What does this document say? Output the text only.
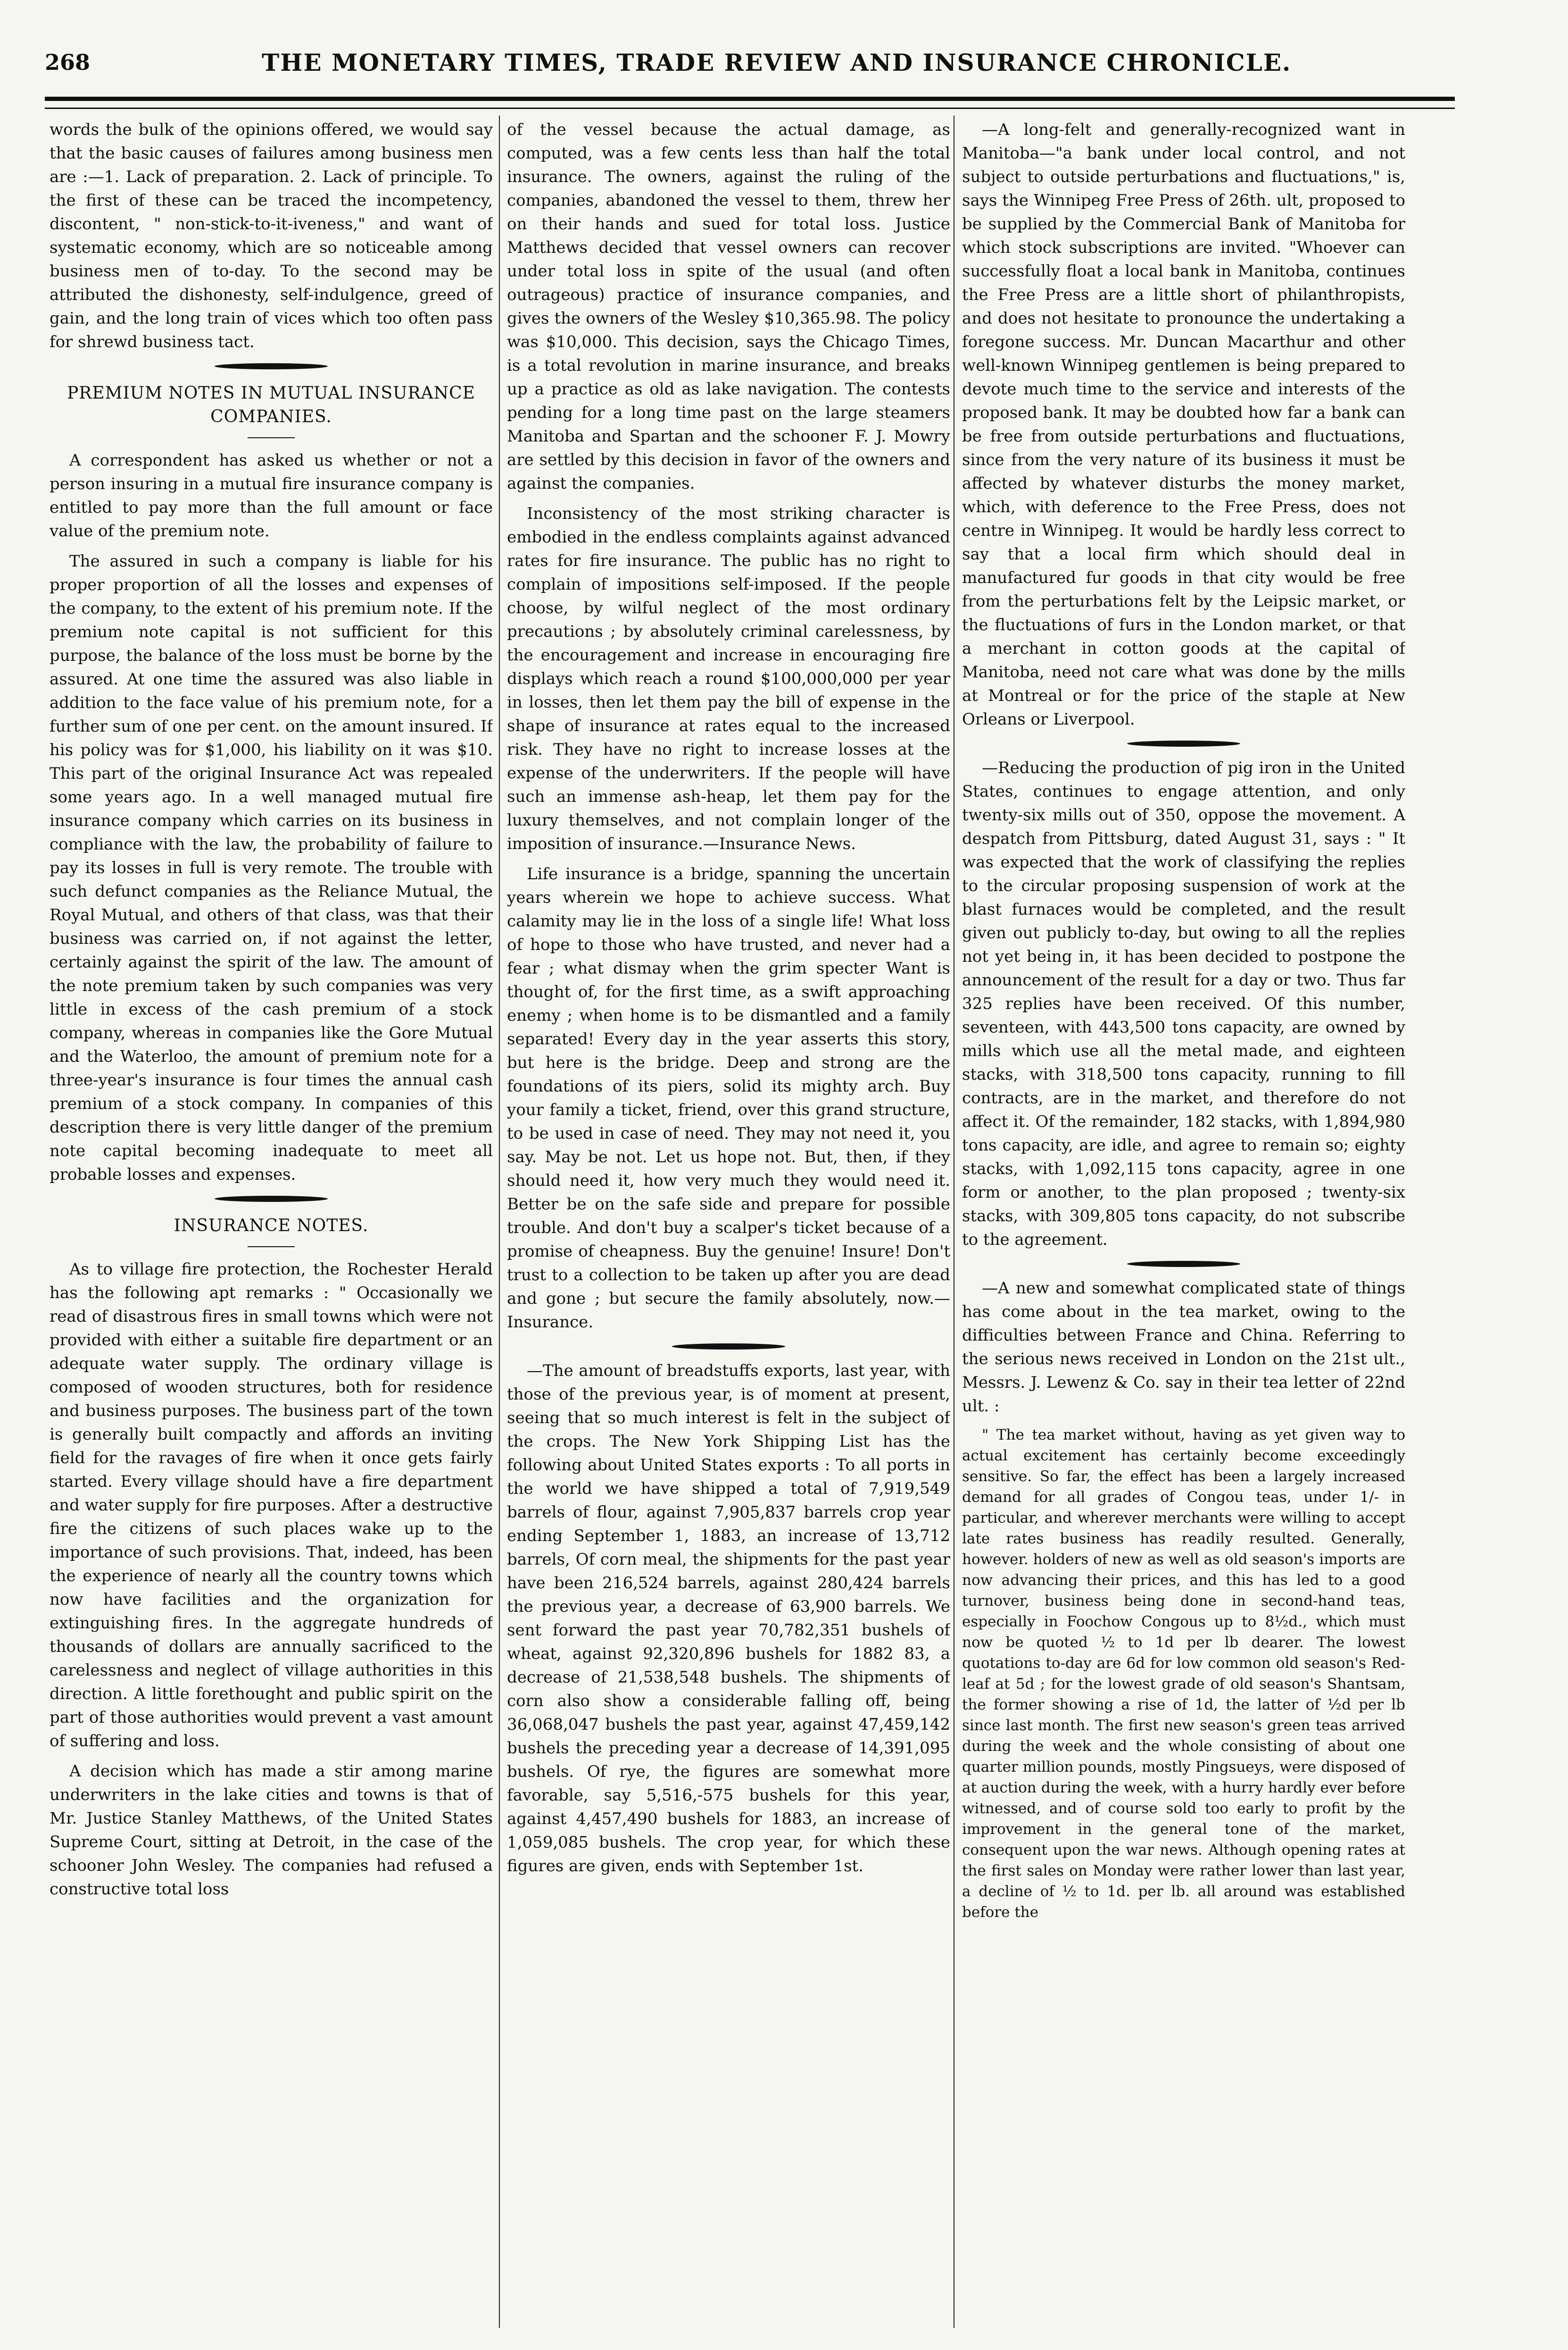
268	THE MONETARY TIMES, TRADE REVIEW AND INSURANCE CHRONICLE.

words the bulk of the opinions offered, we would say that the basic causes of failures among business men are :—1. Lack of preparation. 2. Lack of principle. To the first of these can be traced the incompetency, discontent, " non-stick-to-it-iveness," and want of systematic economy, which are so noticeable among business men of to-day. To the second may be attributed the dishonesty, self-indulgence, greed of gain, and the long train of vices which too often pass for shrewd business tact.

PREMIUM NOTES IN MUTUAL INSURANCE COMPANIES.

A correspondent has asked us whether or not a person insuring in a mutual fire insurance company is entitled to pay more than the full amount or face value of the premium note.

The assured in such a company is liable for his proper proportion of all the losses and expenses of the company, to the extent of his premium note. If the premium note capital is not sufficient for this purpose, the balance of the loss must be borne by the assured. At one time the assured was also liable in addition to the face value of his premium note, for a further sum of one per cent. on the amount insured. If his policy was for $1,000, his liability on it was $10. This part of the original Insurance Act was repealed some years ago. In a well managed mutual fire insurance company which carries on its business in compliance with the law, the probability of failure to pay its losses in full is very remote. The trouble with such defunct companies as the Reliance Mutual, the Royal Mutual, and others of that class, was that their business was carried on, if not against the letter, certainly against the spirit of the law. The amount of the note premium taken by such companies was very little in excess of the cash premium of a stock company, whereas in companies like the Gore Mutual and the Waterloo, the amount of premium note for a three-year's insurance is four times the annual cash premium of a stock company. In companies of this description there is very little danger of the premium note capital becoming inadequate to meet all probable losses and expenses.

INSURANCE NOTES.

As to village fire protection, the Rochester Herald has the following apt remarks : " Occasionally we read of disastrous fires in small towns which were not provided with either a suitable fire department or an adequate water supply. The ordinary village is composed of wooden structures, both for residence and business purposes. The business part of the town is generally built compactly and affords an inviting field for the ravages of fire when it once gets fairly started. Every village should have a fire department and water supply for fire purposes. After a destructive fire the citizens of such places wake up to the importance of such provisions. That, indeed, has been the experience of nearly all the country towns which now have facilities and the organization for extinguishing fires. In the aggregate hundreds of thousands of dollars are annually sacrificed to the carelessness and neglect of village authorities in this direction. A little forethought and public spirit on the part of those authorities would prevent a vast amount of suffering and loss.

A decision which has made a stir among marine underwriters in the lake cities and towns is that of Mr. Justice Stanley Matthews, of the United States Supreme Court, sitting at Detroit, in the case of the schooner John Wesley. The companies had refused a constructive total loss

of the vessel because the actual damage, as computed, was a few cents less than half the total insurance. The owners, against the ruling of the companies, abandoned the vessel to them, threw her on their hands and sued for total loss. Justice Matthews decided that vessel owners can recover under total loss in spite of the usual (and often outrageous) practice of insurance companies, and gives the owners of the Wesley $10,365.98. The policy was $10,000. This decision, says the Chicago Times, is a total revolution in marine insurance, and breaks up a practice as old as lake navigation. The contests pending for a long time past on the large steamers Manitoba and Spartan and the schooner F. J. Mowry are settled by this decision in favor of the owners and against the companies.

Inconsistency of the most striking character is embodied in the endless complaints against advanced rates for fire insurance. The public has no right to complain of impositions self-imposed. If the people choose, by wilful neglect of the most ordinary precautions ; by absolutely criminal carelessness, by the encouragement and increase in encouraging fire displays which reach a round $100,000,000 per year in losses, then let them pay the bill of expense in the shape of insurance at rates equal to the increased risk. They have no right to increase losses at the expense of the underwriters. If the people will have such an immense ash-heap, let them pay for the luxury themselves, and not complain longer of the imposition of insurance.—Insurance News.

Life insurance is a bridge, spanning the uncertain years wherein we hope to achieve success. What calamity may lie in the loss of a single life! What loss of hope to those who have trusted, and never had a fear ; what dismay when the grim specter Want is thought of, for the first time, as a swift approaching enemy ; when home is to be dismantled and a family separated! Every day in the year asserts this story, but here is the bridge. Deep and strong are the foundations of its piers, solid its mighty arch. Buy your family a ticket, friend, over this grand structure, to be used in case of need. They may not need it, you say. May be not. Let us hope not. But, then, if they should need it, how very much they would need it. Better be on the safe side and prepare for possible trouble. And don't buy a scalper's ticket because of a promise of cheapness. Buy the genuine! Insure! Don't trust to a collection to be taken up after you are dead and gone ; but secure the family absolutely, now.—Insurance.

—The amount of breadstuffs exports, last year, with those of the previous year, is of moment at present, seeing that so much interest is felt in the subject of the crops. The New York Shipping List has the following about United States exports : To all ports in the world we have shipped a total of 7,919,549 barrels of flour, against 7,905,837 barrels crop year ending September 1, 1883, an increase of 13,712 barrels, Of corn meal, the shipments for the past year have been 216,524 barrels, against 280,424 barrels the previous year, a decrease of 63,900 barrels. We sent forward the past year 70,782,351 bushels of wheat, against 92,320,896 bushels for 1882 83, a decrease of 21,538,548 bushels. The shipments of corn also show a considerable falling off, being 36,068,047 bushels the past year, against 47,459,142 bushels the preceding year a decrease of 14,391,095 bushels. Of rye, the figures are somewhat more favorable, say 5,516,-575 bushels for this year, against 4,457,490 bushels for 1883, an increase of 1,059,085 bushels. The crop year, for which these figures are given, ends with September 1st.

—A long-felt and generally-recognized want in Manitoba—"a bank under local control, and not subject to outside perturbations and fluctuations," is, says the Winnipeg Free Press of 26th. ult, proposed to be supplied by the Commercial Bank of Manitoba for which stock subscriptions are invited. "Whoever can successfully float a local bank in Manitoba, continues the Free Press are a little short of philanthropists, and does not hesitate to pronounce the undertaking a foregone success. Mr. Duncan Macarthur and other well-known Winnipeg gentlemen is being prepared to devote much time to the service and interests of the proposed bank. It may be doubted how far a bank can be free from outside perturbations and fluctuations, since from the very nature of its business it must be affected by whatever disturbs the money market, which, with deference to the Free Press, does not centre in Winnipeg. It would be hardly less correct to say that a local firm which should deal in manufactured fur goods in that city would be free from the perturbations felt by the Leipsic market, or the fluctuations of furs in the London market, or that a merchant in cotton goods at the capital of Manitoba, need not care what was done by the mills at Montreal or for the price of the staple at New Orleans or Liverpool.

—Reducing the production of pig iron in the United States, continues to engage attention, and only twenty-six mills out of 350, oppose the movement. A despatch from Pittsburg, dated August 31, says : " It was expected that the work of classifying the replies to the circular proposing suspension of work at the blast furnaces would be completed, and the result given out publicly to-day, but owing to all the replies not yet being in, it has been decided to postpone the announcement of the result for a day or two. Thus far 325 replies have been received. Of this number, seventeen, with 443,500 tons capacity, are owned by mills which use all the metal made, and eighteen stacks, with 318,500 tons capacity, running to fill contracts, are in the market, and therefore do not affect it. Of the remainder, 182 stacks, with 1,894,980 tons capacity, are idle, and agree to remain so; eighty stacks, with 1,092,115 tons capacity, agree in one form or another, to the plan proposed ; twenty-six stacks, with 309,805 tons capacity, do not subscribe to the agreement.

—A new and somewhat complicated state of things has come about in the tea market, owing to the difficulties between France and China. Referring to the serious news received in London on the 21st ult., Messrs. J. Lewenz & Co. say in their tea letter of 22nd ult. :

" The tea market without, having as yet given way to actual excitement has certainly become exceedingly sensitive. So far, the effect has been a largely increased demand for all grades of Congou teas, under 1/- in particular, and wherever merchants were willing to accept late rates business has readily resulted. Generally, however. holders of new as well as old season's imports are now advancing their prices, and this has led to a good turnover, business being done in second-hand teas, especially in Foochow Congous up to 8½d., which must now be quoted ½ to 1d per lb dearer. The lowest quotations to-day are 6d for low common old season's Red-leaf at 5d ; for the lowest grade of old season's Shantsam, the former showing a rise of 1d, the latter of ½d per lb since last month. The first new season's green teas arrived during the week and the whole consisting of about one quarter million pounds, mostly Pingsueys, were disposed of at auction during the week, with a hurry hardly ever before witnessed, and of course sold too early to profit by the improvement in the general tone of the market, consequent upon the war news. Although opening rates at the first sales on Monday were rather lower than last year, a decline of ½ to 1d. per lb. all around was established before the
